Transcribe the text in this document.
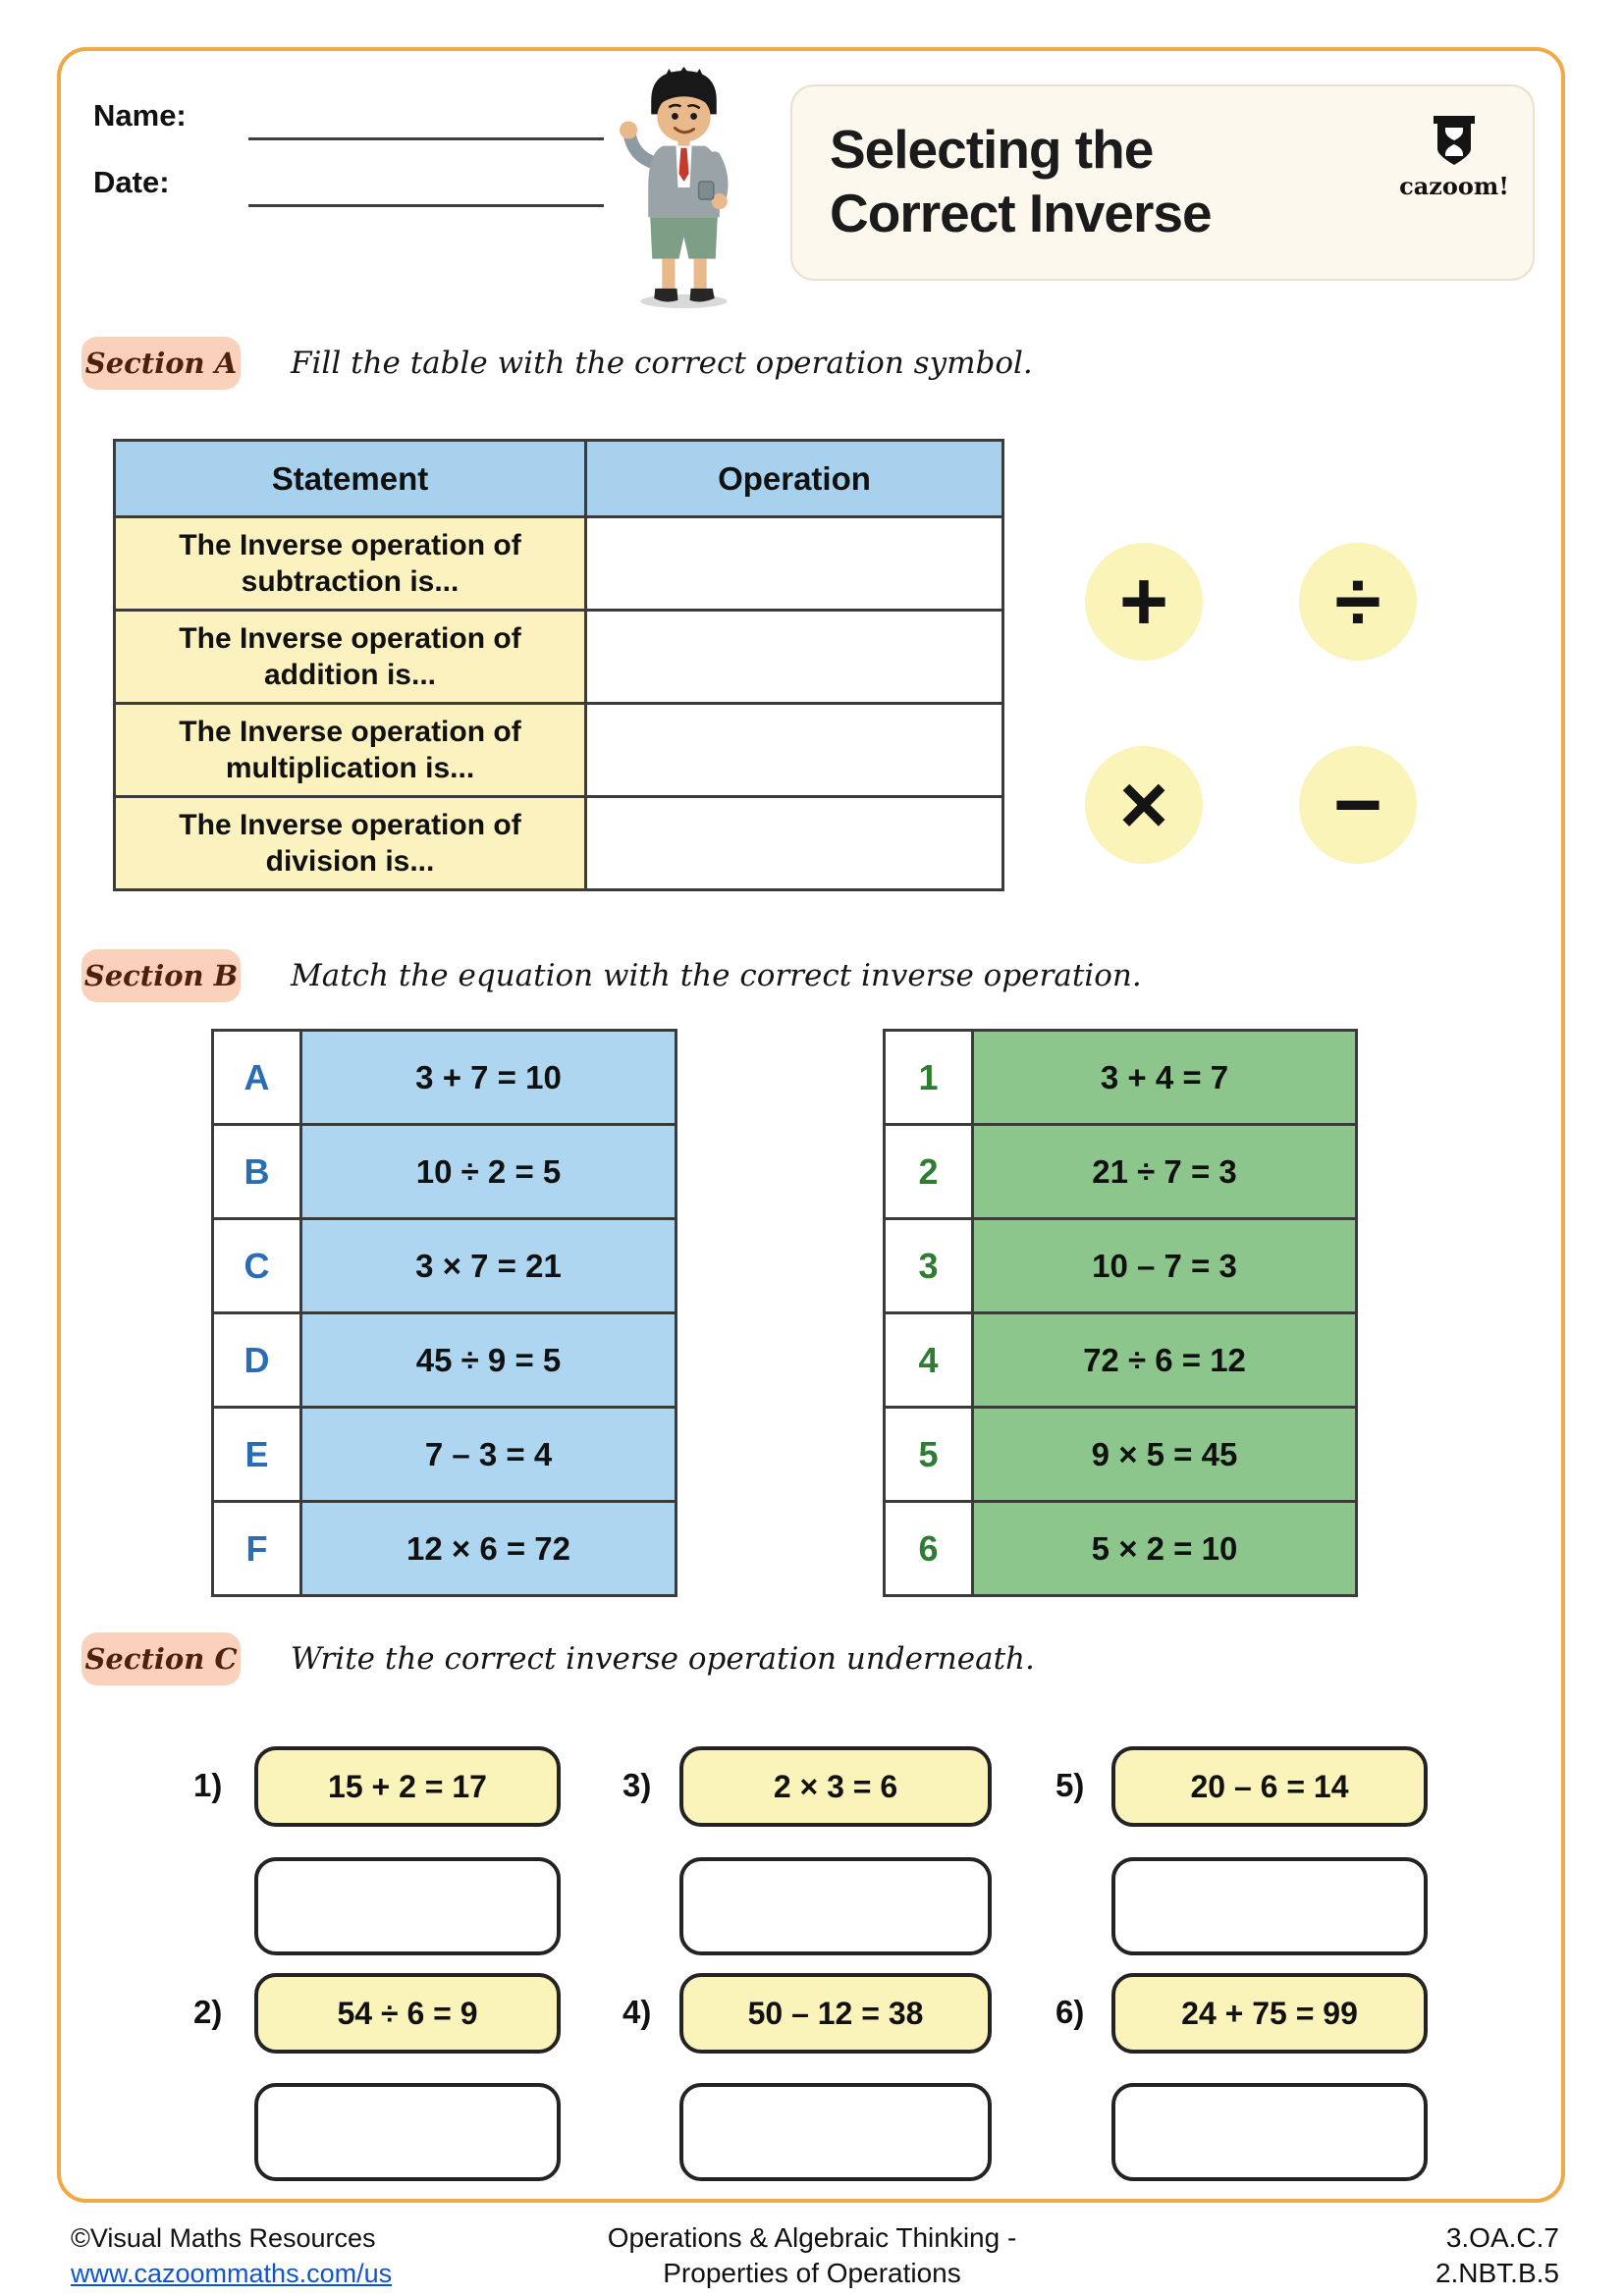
Name:
Date:
Selecting the
Correct Inverse	cazoom!
Section A Fill the table with the correct operation symbol.
Statement	Operation
The Inverse operation of subtraction is...	
The Inverse operation of addition is...	
The Inverse operation of multiplication is...	
The Inverse operation of division is...	
+	÷
×	−
Section B Match the equation with the correct inverse operation.
A	3 + 7 = 10
B	10 ÷ 2 = 5
C	3 × 7 = 21
D	45 ÷ 9 = 5
E	7 – 3 = 4
F	12 × 6 = 72
1	3 + 4 = 7
2	21 ÷ 7 = 3
3	10 – 7 = 3
4	72 ÷ 6 = 12
5	9 × 5 = 45
6	5 × 2 = 10
Section C Write the correct inverse operation underneath.
1)	15 + 2 = 17	3)	2 × 3 = 6	5)	20 – 6 = 14
2)	54 ÷ 6 = 9	4)	50 – 12 = 38	6)	24 + 75 = 99
©Visual Maths Resources
www.cazoommaths.com/us
Operations & Algebraic Thinking -
Properties of Operations
3.OA.C.7
2.NBT.B.5
